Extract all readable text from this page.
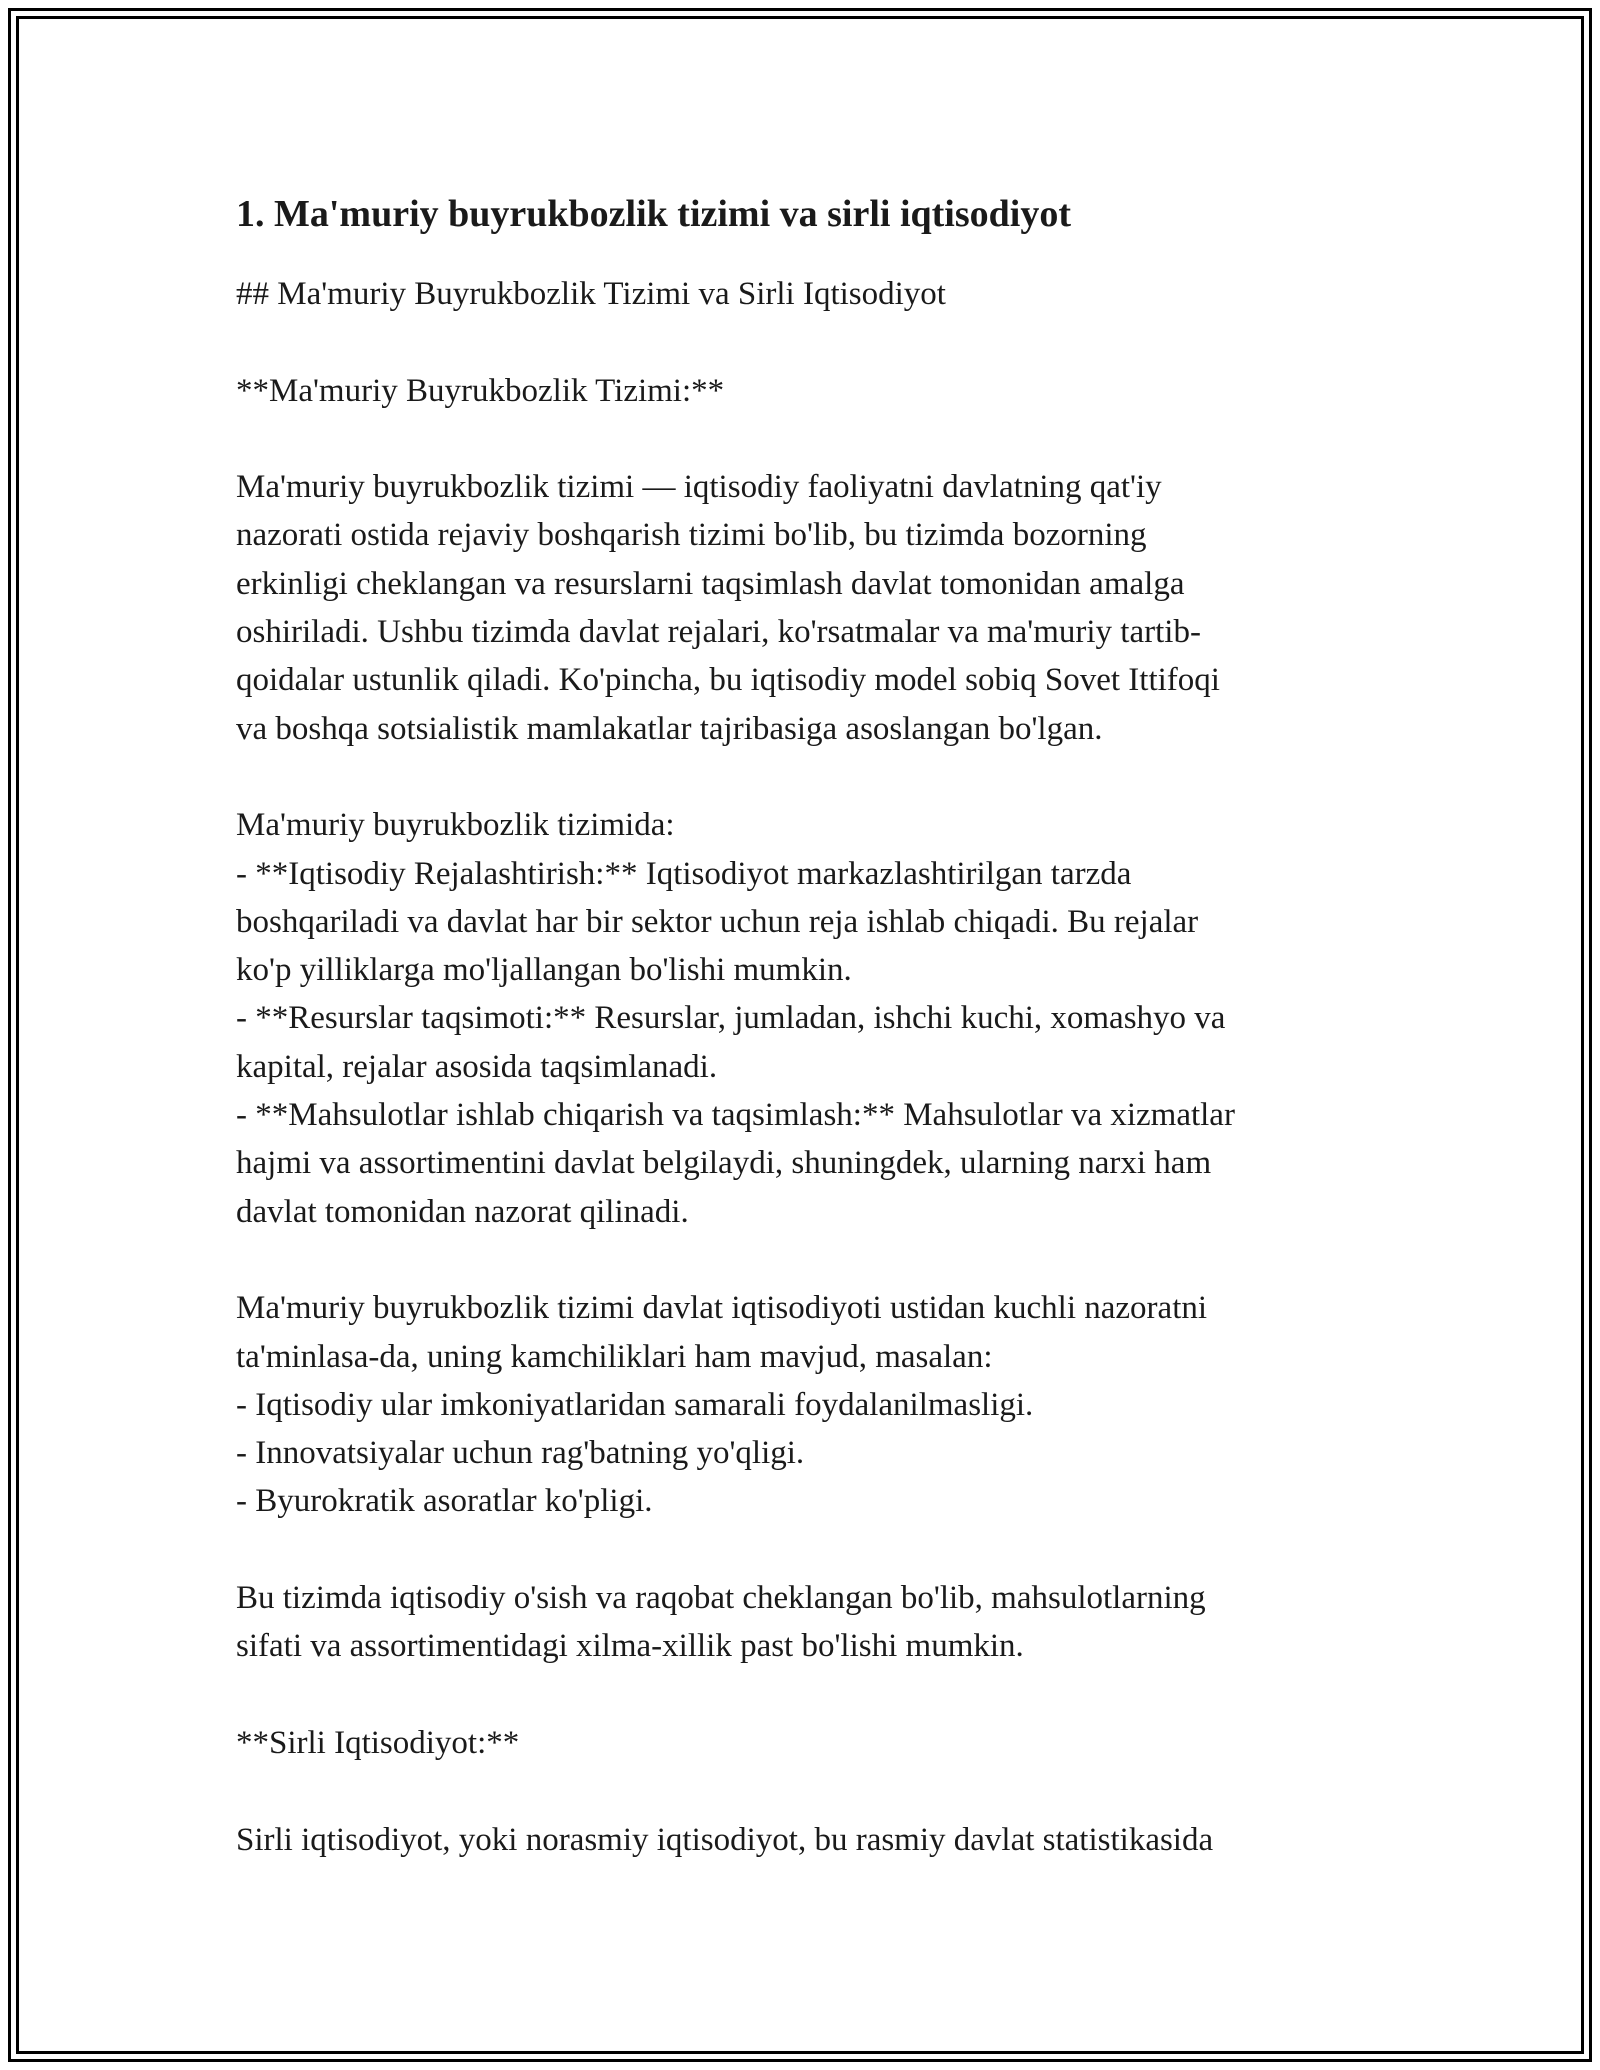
1. Ma'muriy buyrukbozlik tizimi va sirli iqtisodiyot
## Ma'muriy Buyrukbozlik Tizimi va Sirli Iqtisodiyot
**Ma'muriy Buyrukbozlik Tizimi:**
Ma'muriy buyrukbozlik tizimi — iqtisodiy faoliyatni davlatning qat'iy
nazorati ostida rejaviy boshqarish tizimi bo'lib, bu tizimda bozorning
erkinligi cheklangan va resurslarni taqsimlash davlat tomonidan amalga
oshiriladi. Ushbu tizimda davlat rejalari, ko'rsatmalar va ma'muriy tartib-
qoidalar ustunlik qiladi. Ko'pincha, bu iqtisodiy model sobiq Sovet Ittifoqi
va boshqa sotsialistik mamlakatlar tajribasiga asoslangan bo'lgan.
Ma'muriy buyrukbozlik tizimida:
- **Iqtisodiy Rejalashtirish:** Iqtisodiyot markazlashtirilgan tarzda
boshqariladi va davlat har bir sektor uchun reja ishlab chiqadi. Bu rejalar
ko'p yilliklarga mo'ljallangan bo'lishi mumkin.
- **Resurslar taqsimoti:** Resurslar, jumladan, ishchi kuchi, xomashyo va
kapital, rejalar asosida taqsimlanadi.
- **Mahsulotlar ishlab chiqarish va taqsimlash:** Mahsulotlar va xizmatlar
hajmi va assortimentini davlat belgilaydi, shuningdek, ularning narxi ham
davlat tomonidan nazorat qilinadi.
Ma'muriy buyrukbozlik tizimi davlat iqtisodiyoti ustidan kuchli nazoratni
ta'minlasa-da, uning kamchiliklari ham mavjud, masalan:
- Iqtisodiy ular imkoniyatlaridan samarali foydalanilmasligi.
- Innovatsiyalar uchun rag'batning yo'qligi.
- Byurokratik asoratlar ko'pligi.
Bu tizimda iqtisodiy o'sish va raqobat cheklangan bo'lib, mahsulotlarning
sifati va assortimentidagi xilma-xillik past bo'lishi mumkin.
**Sirli Iqtisodiyot:**
Sirli iqtisodiyot, yoki norasmiy iqtisodiyot, bu rasmiy davlat statistikasida
